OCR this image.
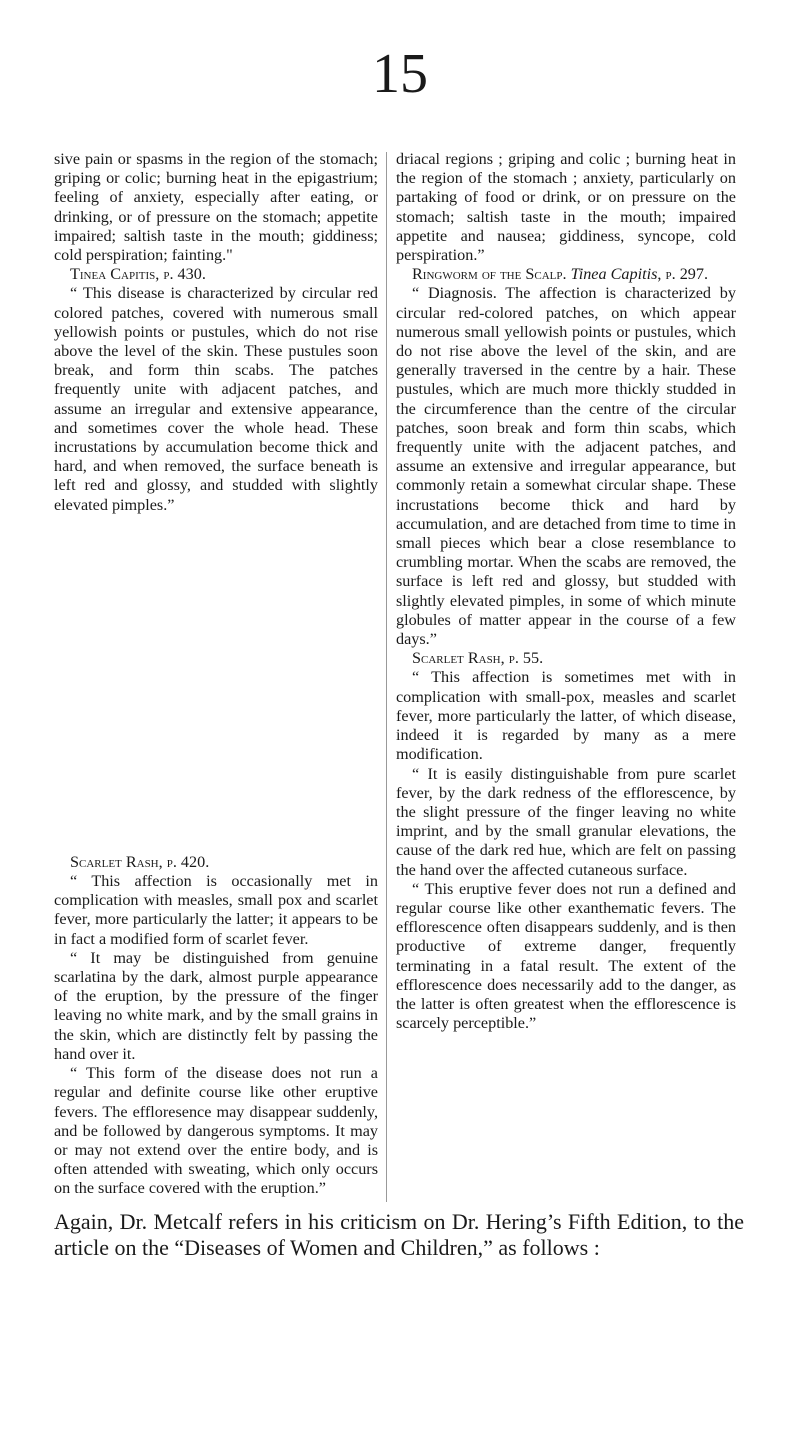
15

sive pain or spasms in the region of the stomach; griping or colic; burning heat in the epigastrium; feeling of anxiety, especially after eating, or drinking, or of pressure on the stomach; appetite impaired; saltish taste in the mouth; giddiness; cold perspiration; fainting."

Tinea Capitis, p. 430.

“ This disease is characterized by circular red colored patches, covered with numerous small yellowish points or pustules, which do not rise above the level of the skin. These pustules soon break, and form thin scabs. The patches frequently unite with adjacent patches, and assume an irregular and extensive appearance, and sometimes cover the whole head. These incrustations by accumulation become thick and hard, and when removed, the surface beneath is left red and glossy, and studded with slightly elevated pimples.”

Scarlet Rash, p. 420.

“ This affection is occasionally met in complication with measles, small pox and scarlet fever, more particularly the latter; it appears to be in fact a modified form of scarlet fever.

“ It may be distinguished from genuine scarlatina by the dark, almost purple appearance of the eruption, by the pressure of the finger leaving no white mark, and by the small grains in the skin, which are distinctly felt by passing the hand over it.

“ This form of the disease does not run a regular and definite course like other eruptive fevers. The effloresence may disappear suddenly, and be followed by dangerous symptoms. It may or may not extend over the entire body, and is often attended with sweating, which only occurs on the surface covered with the eruption.”

driacal regions ; griping and colic ; burning heat in the region of the stomach ; anxiety, particularly on partaking of food or drink, or on pressure on the stomach; saltish taste in the mouth; impaired appetite and nausea; giddiness, syncope, cold perspiration.”

Ringworm of the Scalp. Tinea Capitis, p. 297.

“ Diagnosis. The affection is characterized by circular red-colored patches, on which appear numerous small yellowish points or pustules, which do not rise above the level of the skin, and are generally traversed in the centre by a hair. These pustules, which are much more thickly studded in the circumference than the centre of the circular patches, soon break and form thin scabs, which frequently unite with the adjacent patches, and assume an extensive and irregular appearance, but commonly retain a somewhat circular shape. These incrustations become thick and hard by accumulation, and are detached from time to time in small pieces which bear a close resemblance to crumbling mortar. When the scabs are removed, the surface is left red and glossy, but studded with slightly elevated pimples, in some of which minute globules of matter appear in the course of a few days.”

Scarlet Rash, p. 55.

“ This affection is sometimes met with in complication with small-pox, measles and scarlet fever, more particularly the latter, of which disease, indeed it is regarded by many as a mere modification.

“ It is easily distinguishable from pure scarlet fever, by the dark redness of the efflorescence, by the slight pressure of the finger leaving no white imprint, and by the small granular elevations, the cause of the dark red hue, which are felt on passing the hand over the affected cutaneous surface.

“ This eruptive fever does not run a defined and regular course like other exanthematic fevers. The efflorescence often disappears suddenly, and is then productive of extreme danger, frequently terminating in a fatal result. The extent of the efflorescence does necessarily add to the danger, as the latter is often greatest when the efflorescence is scarcely perceptible.”

Again, Dr. Metcalf refers in his criticism on Dr. Hering’s Fifth Edition, to the article on the “Diseases of Women and Children,” as follows :
